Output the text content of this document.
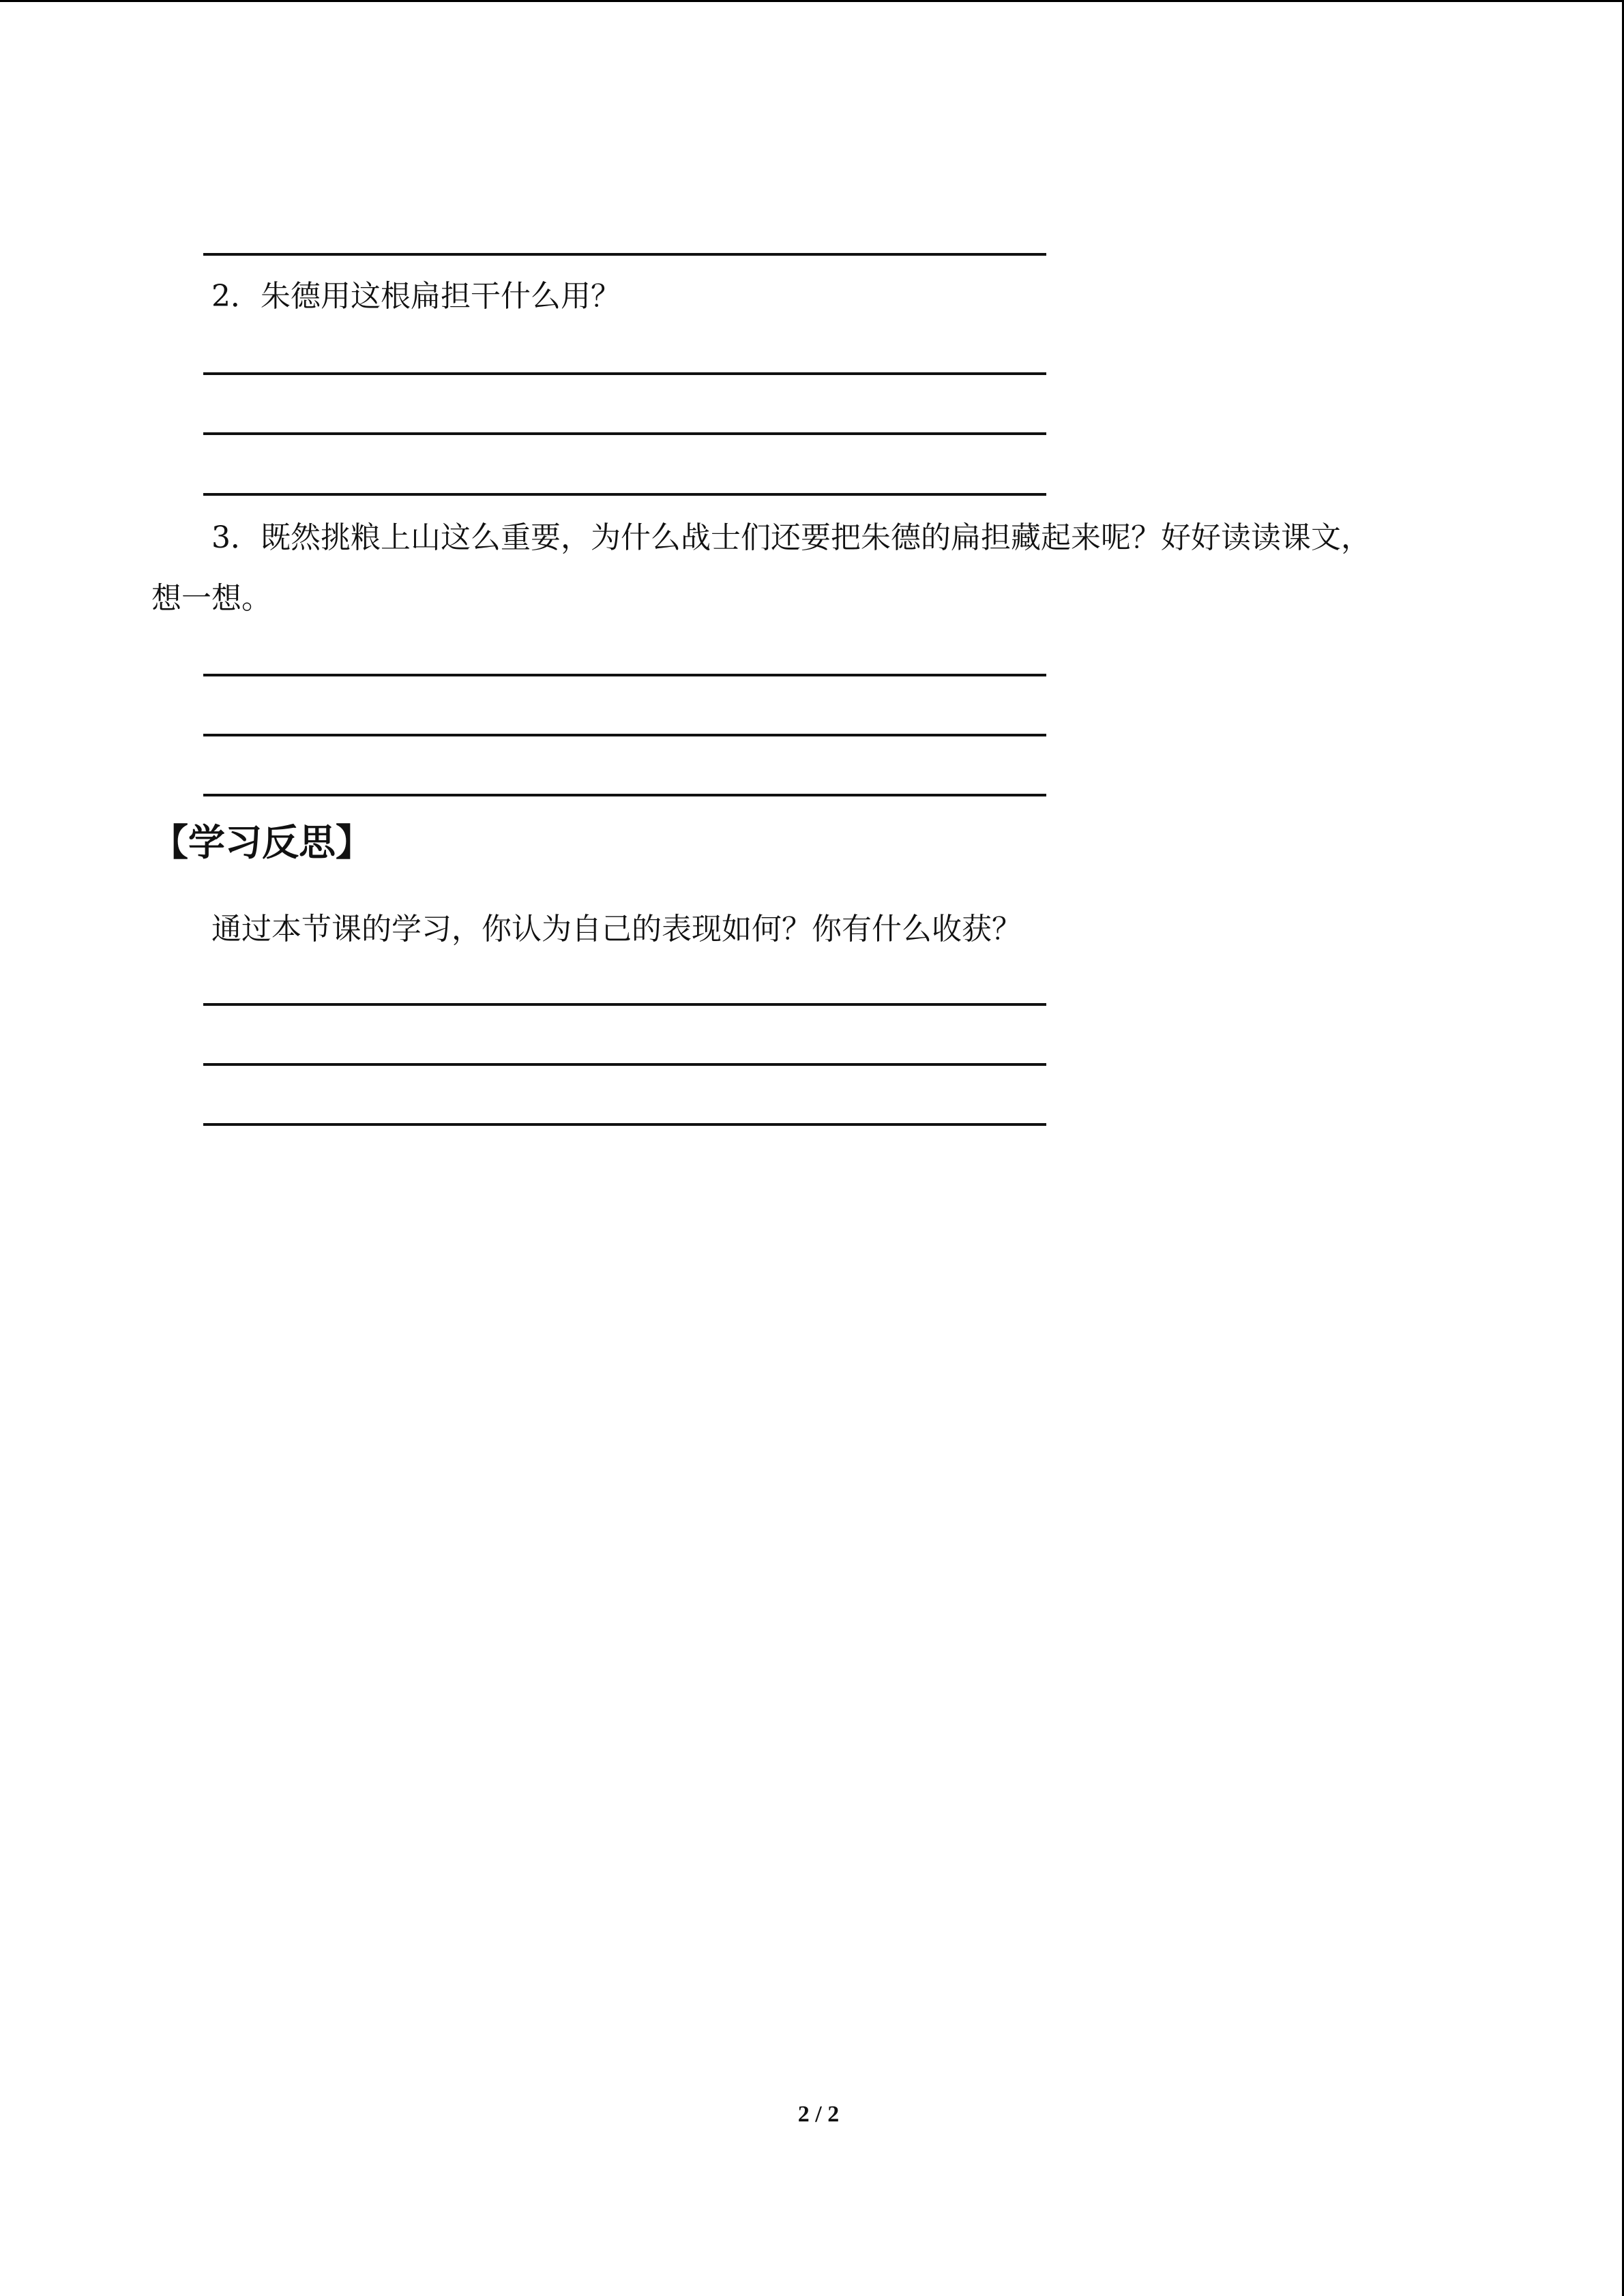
2．朱德用这根扁担干什么用？
3．既然挑粮上山这么重要，为什么战士们还要把朱德的扁担藏起来呢？好好读读课文，
想一想。
【学习反思】
通过本节课的学习，你认为自己的表现如何？你有什么收获？
2 / 2
